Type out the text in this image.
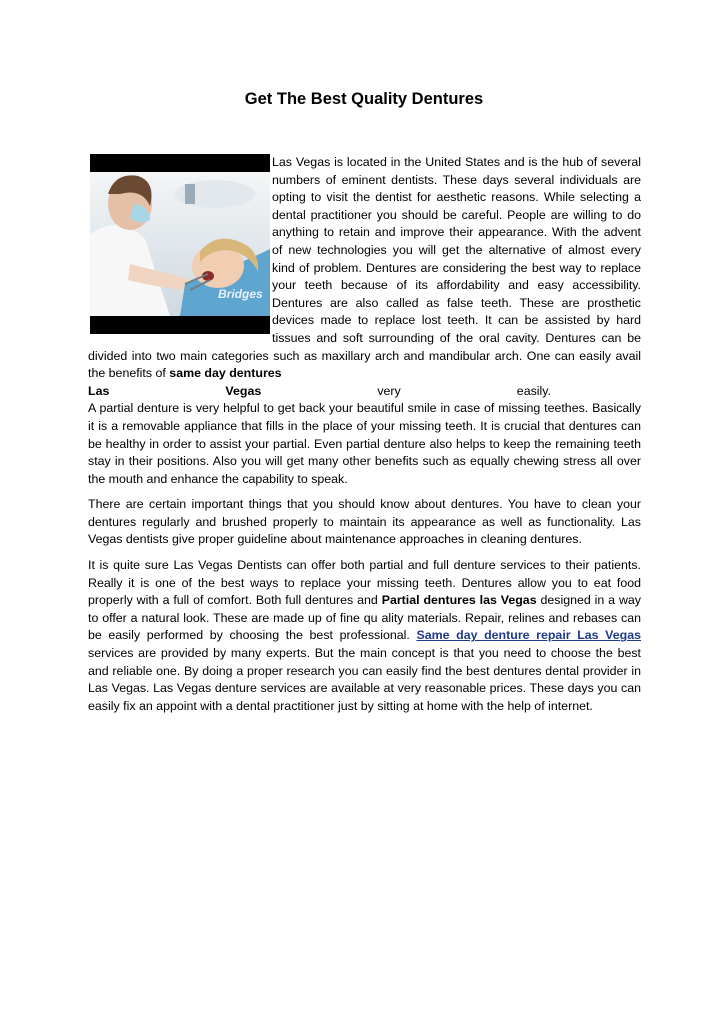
Get The Best Quality Dentures
Bridges

Las Vegas is located in the United States and is the hub of several numbers of eminent dentists. These days several individuals are opting to visit the dentist for aesthetic reasons. While selecting a dental practitioner you should be careful. People are willing to do anything to retain and improve their appearance. With the advent of new technologies you will get the alternative of almost every kind of problem. Dentures are considering the best way to replace your teeth because of its affordability and easy accessibility. Dentures are also called as false teeth. These are prosthetic devices made to replace lost teeth. It can be assisted by hard tissues and soft surrounding of the oral cavity. Dentures can be divided into two main categories such as maxillary arch and mandibular arch. One can easily avail the benefits of same day dentures

Las	Vegas	very	easily.

A partial denture is very helpful to get back your beautiful smile in case of missing teethes. Basically it is a removable appliance that fills in the place of your missing teeth. It is crucial that dentures can be healthy in order to assist your partial. Even partial denture also helps to keep the remaining teeth stay in their positions. Also you will get many other benefits such as equally chewing stress all over the mouth and enhance the capability to speak.

There are certain important things that you should know about dentures. You have to clean your dentures regularly and brushed properly to maintain its appearance as well as functionality. Las Vegas dentists give proper guideline about maintenance approaches in cleaning dentures.

It is quite sure Las Vegas Dentists can offer both partial and full denture services to their patients. Really it is one of the best ways to replace your missing teeth. Dentures allow you to eat food properly with a full of comfort. Both full dentures and Partial dentures las Vegas designed in a way to offer a natural look. These are made up of fine qu ality materials. Repair, relines and rebases can be easily performed by choosing the best professional. Same day denture repair Las Vegas services are provided by many experts. But the main concept is that you need to choose the best and reliable one. By doing a proper research you can easily find the best dentures dental provider in Las Vegas. Las Vegas denture services are available at very reasonable prices. These days you can easily fix an appoint with a dental practitioner just by sitting at home with the help of internet.
